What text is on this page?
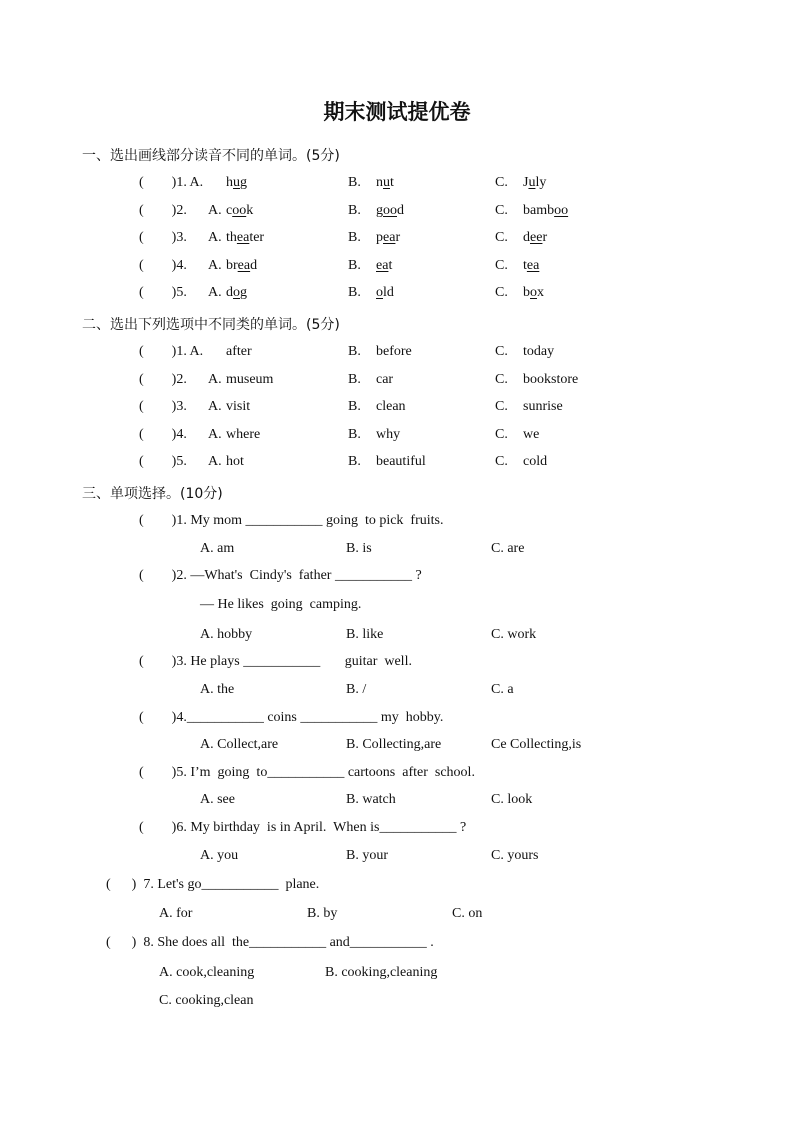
期末测试提优卷
一、选出画线部分读音不同的单词。(5分)
(        )1. A. hug	B. nut	C. July
(        )2. A. cook	B. good	C. bamboo
(        )3. A. theater	B. pear	C. deer
(        )4. A. bread	B. eat	C. tea
(        )5. A. dog	B. old	C. box
二、选出下列选项中不同类的单词。(5分)
(        )1. A. after	B. before	C. today
(        )2. A. museum	B. car	C. bookstore
(        )3. A. visit	B. clean	C. sunrise
(        )4. A. where	B. why	C. we
(        )5. A. hot	B. beautiful	C. cold
三、单项选择。(10分)
(        )1. My mom ___________ going  to pick  fruits.
A. am	B. is	C. are
(        )2. —What's  Cindy's  father ___________ ?
— He likes  going  camping.
A. hobby	B. like	C. work
(        )3. He plays ___________       guitar  well.
A. the	B. /	C. a
(        )4.___________ coins ___________ my  hobby.
A. Collect,are	B. Collecting,are	Ce Collecting,is
(        )5. I’m  going  to___________ cartoons  after  school.
A. see	B. watch	C. look
(        )6. My birthday  is in April.  When is___________ ?
A. you	B. your	C. yours
(      )  7. Let's go___________  plane.
A. for	B. by	C. on
(      )  8. She does all  the___________ and___________ .
A. cook,cleaning	B. cooking,cleaning
C. cooking,clean
